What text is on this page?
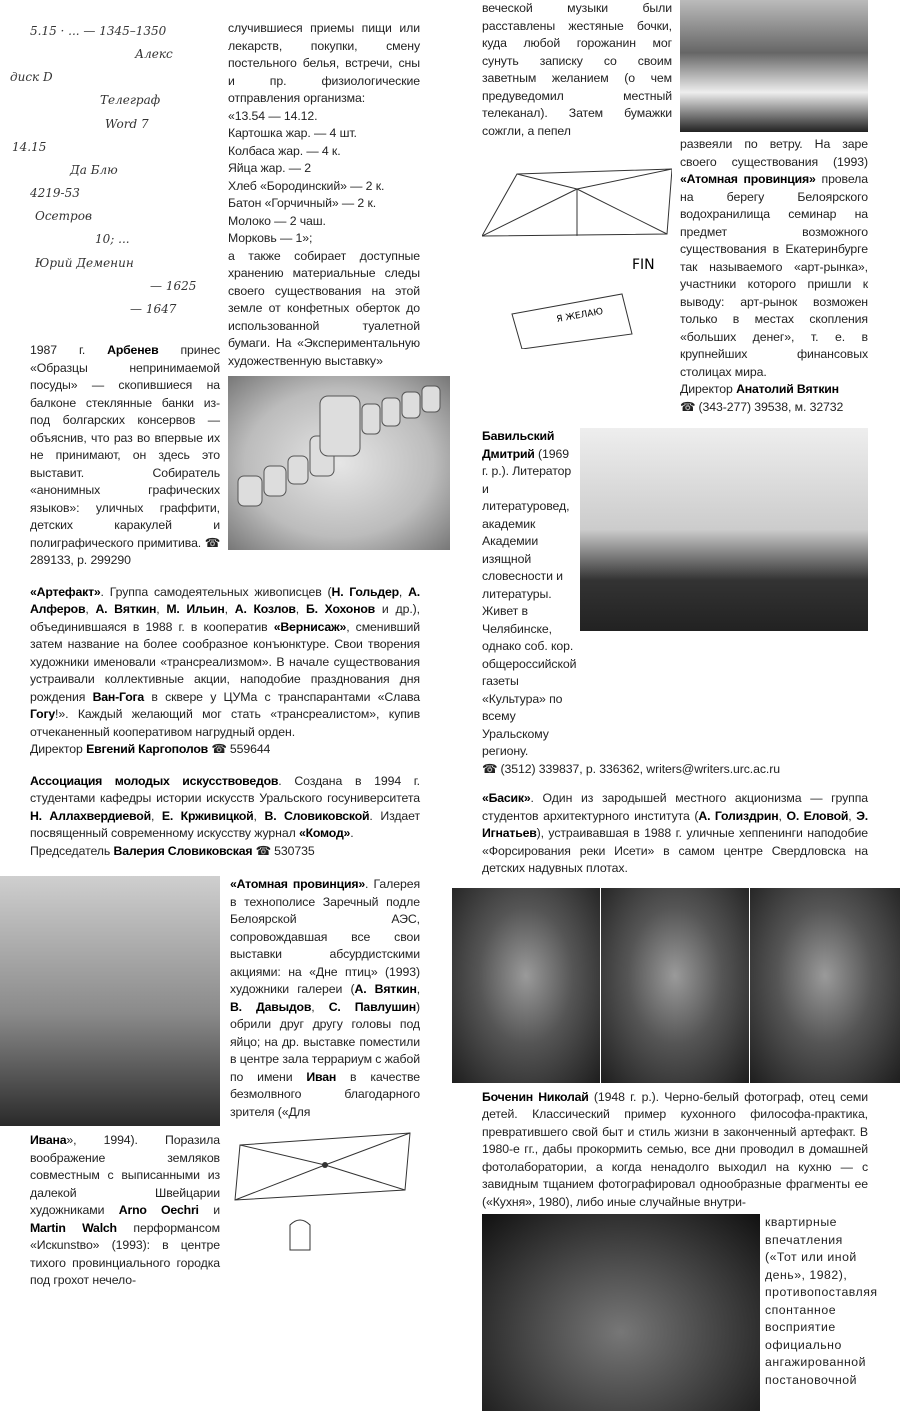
5.15 · ... — 1345–1350
Алекс
диск D
Телеграф
Word 7
14.15
Да Блю
4219-53
Осетров
10; ...
Юрий Деменин
— 1625
— 1647
1987 г. Арбенев принес «Образцы непринимаемой посуды» — скопившиеся на балконе стеклянные банки из-под болгарских консервов — объяснив, что раз во впервые их не принимают, он здесь это выставит. Собиратель «анонимных графических языков»: уличных граффити, детских каракулей и полиграфического примитива. ☎ 289133, р. 299290
случившиеся приемы пищи или лекарств, покупки, смену постельного белья, встречи, сны и пр. физиологические отправления организма:
«13.54 — 14.12.
Картошка жар. — 4 шт.
Колбаса жар. — 4 к.
Яйца жар. — 2
Хлеб «Бородинский» — 2 к.
Батон «Горчичный» — 2 к.
Молоко — 2 чаш.
Морковь — 1»;
а также собирает доступные хранению материальные следы своего существования на этой земле от конфетных оберток до использованной туалетной бумаги. На «Экспериментальную художественную выставку»
«Артефакт». Группа самодеятельных живописцев (Н. Гольдер, А. Алферов, А. Вяткин, М. Ильин, А. Козлов, Б. Хохонов и др.), объединившаяся в 1988 г. в кооператив «Вернисаж», сменивший затем название на более сообразное конъюнктуре. Свои творения художники именовали «трансреализмом». В начале существования устраивали коллективные акции, наподобие празднования дня рождения Ван-Гога в сквере у ЦУМа с транспарантами «Слава Гогу!». Каждый желающий мог стать «трансреалистом», купив отчеканенный кооперативом нагрудный орден.
Директор Евгений Каргополов ☎ 559644
Ассоциация молодых искусствоведов. Создана в 1994 г. студентами кафедры истории искусств Уральского госуниверситета Н. Аллахвердиевой, Е. Крживицкой, В. Словиковской. Издает посвященный современному искусству журнал «Комод».
Председатель Валерия Словиковская ☎ 530735
Ивана», 1994). Поразила воображение земляков совместным с выписанными из далекой Швейцарии художниками Arno Oechri и Martin Walch перформансом «Искunstво» (1993): в центре тихого провинциального городка под грохот нечело-
«Атомная провинция». Галерея в технополисе Заречный подле Белоярской АЭС, сопровождавшая все свои выставки абсурдистскими акциями: на «Дне птиц» (1993) художники галереи (А. Вяткин, В. Давыдов, С. Павлушин) обрили друг другу головы под яйцо; на др. выставке поместили в центре зала террариум с жабой по имени Иван в качестве безмолвного благодарного зрителя («Для
веческой музыки были расставлены жестяные бочки, куда любой горожанин мог сунуть записку со своим заветным желанием (о чем предуведомил местный телеканал). Затем бумажки сожгли, а пепел
FIN
Я ЖЕЛАЮ
развеяли по ветру. На заре своего существования (1993) «Атомная провинция» провела на берегу Белоярского водохранилища семинар на предмет возможного существования в Екатеринбурге так называемого «арт-рынка», участники которого пришли к выводу: арт-рынок возможен только в местах скопления «больших денег», т. е. в крупнейших финансовых столицах мира.
Директор Анатолий Вяткин
☎ (343-277) 39538, м. 32732
Бавильский Дмитрий (1969 г. р.). Литератор и литературовед, академик Академии изящной словесности и литературы. Живет в Челябинске, однако соб. кор. общероссийской газеты «Культура» по всему Уральскому региону.
☎ (3512) 339837, р. 336362, writers@writers.urc.ac.ru
«Басик». Один из зародышей местного акционизма — группа студентов архитектурного института (А. Голиздрин, О. Еловой, Э. Игнатьев), устраивавшая в 1988 г. уличные хеппенинги наподобие «Форсирования реки Исети» в самом центре Свердловска на детских надувных плотах.
Боченин Николай (1948 г. р.). Черно-белый фотограф, отец семи детей. Классический пример кухонного философа-практика, превратившего свой быт и стиль жизни в законченный артефакт. В 1980-е гг., дабы прокормить семью, все дни проводил в домашней фотолаборатории, а когда ненадолго выходил на кухню — с завидным тщанием фотографировал однообразные фрагменты ее («Кухня», 1980), либо иные случайные внутри-
квартирные впечатления («Тот или иной день», 1982), противопоставляя спонтанное восприятие официально ангажированной постановочной
